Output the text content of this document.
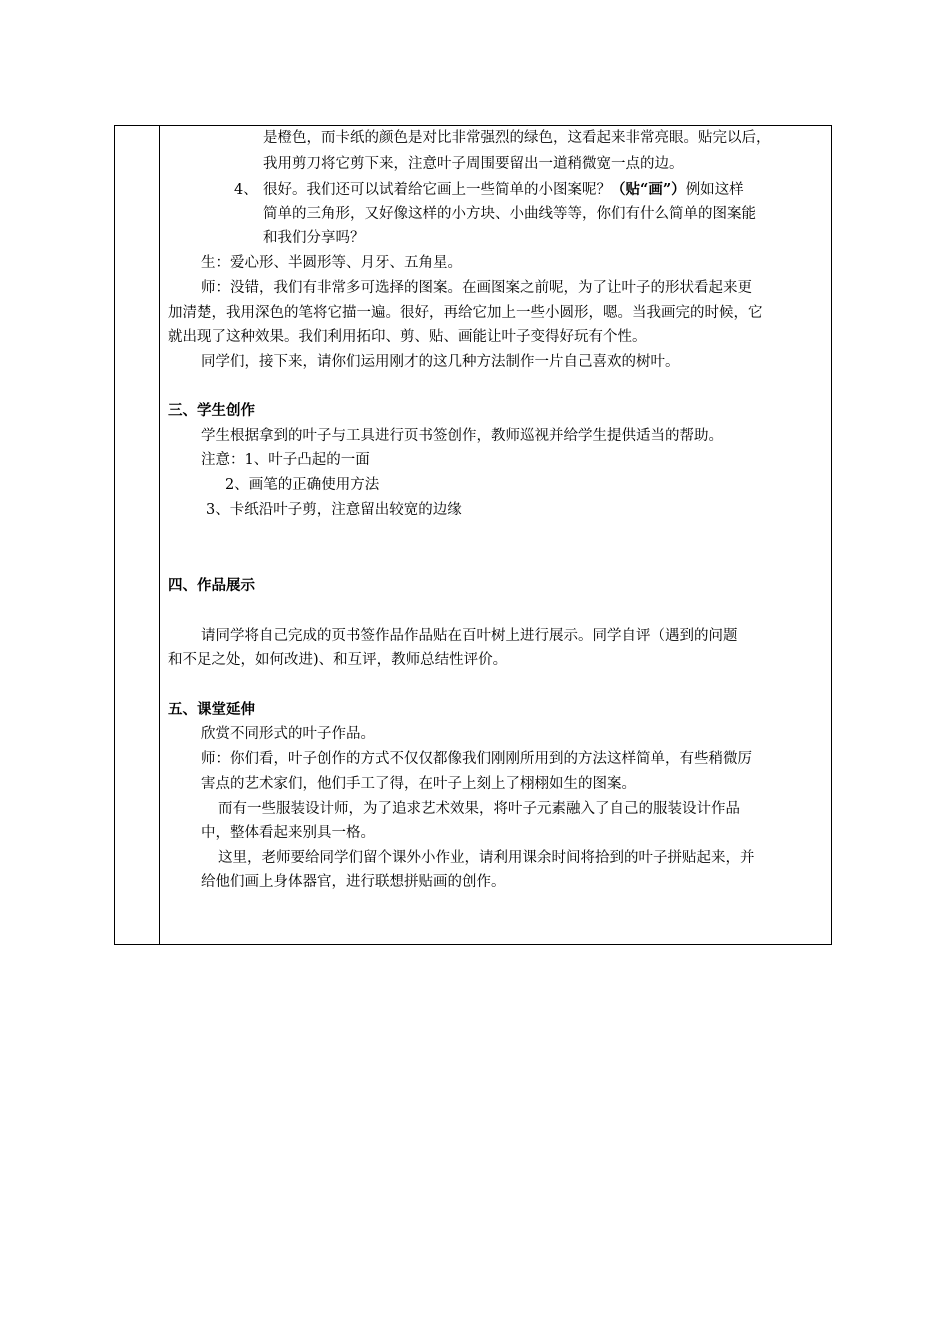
是橙色，而卡纸的颜色是对比非常强烈的绿色，这看起来非常亮眼。贴完以后，
我用剪刀将它剪下来，注意叶子周围要留出一道稍微宽一点的边。
4、 很好。我们还可以试着给它画上一些简单的小图案呢？（贴“画”）例如这样
简单的三角形，又好像这样的小方块、小曲线等等，你们有什么简单的图案能
和我们分享吗？
生：爱心形、半圆形等、月牙、五角星。
师：没错，我们有非常多可选择的图案。在画图案之前呢，为了让叶子的形状看起来更
加清楚，我用深色的笔将它描一遍。很好，再给它加上一些小圆形，嗯。当我画完的时候，它
就出现了这种效果。我们利用拓印、剪、贴、画能让叶子变得好玩有个性。
同学们，接下来，请你们运用刚才的这几种方法制作一片自己喜欢的树叶。
三、学生创作
学生根据拿到的叶子与工具进行页书签创作，教师巡视并给学生提供适当的帮助。
注意：1、叶子凸起的一面
2、画笔的正确使用方法
3、卡纸沿叶子剪，注意留出较宽的边缘
四、作品展示
请同学将自己完成的页书签作品作品贴在百叶树上进行展示。同学自评（遇到的问题
和不足之处，如何改进)、和互评，教师总结性评价。
五、课堂延伸
欣赏不同形式的叶子作品。
师：你们看，叶子创作的方式不仅仅都像我们刚刚所用到的方法这样简单，有些稍微厉
害点的艺术家们，他们手工了得，在叶子上刻上了栩栩如生的图案。
而有一些服装设计师，为了追求艺术效果，将叶子元素融入了自己的服装设计作品
中，整体看起来别具一格。
这里，老师要给同学们留个课外小作业，请利用课余时间将拾到的叶子拼贴起来，并
给他们画上身体器官，进行联想拼贴画的创作。
